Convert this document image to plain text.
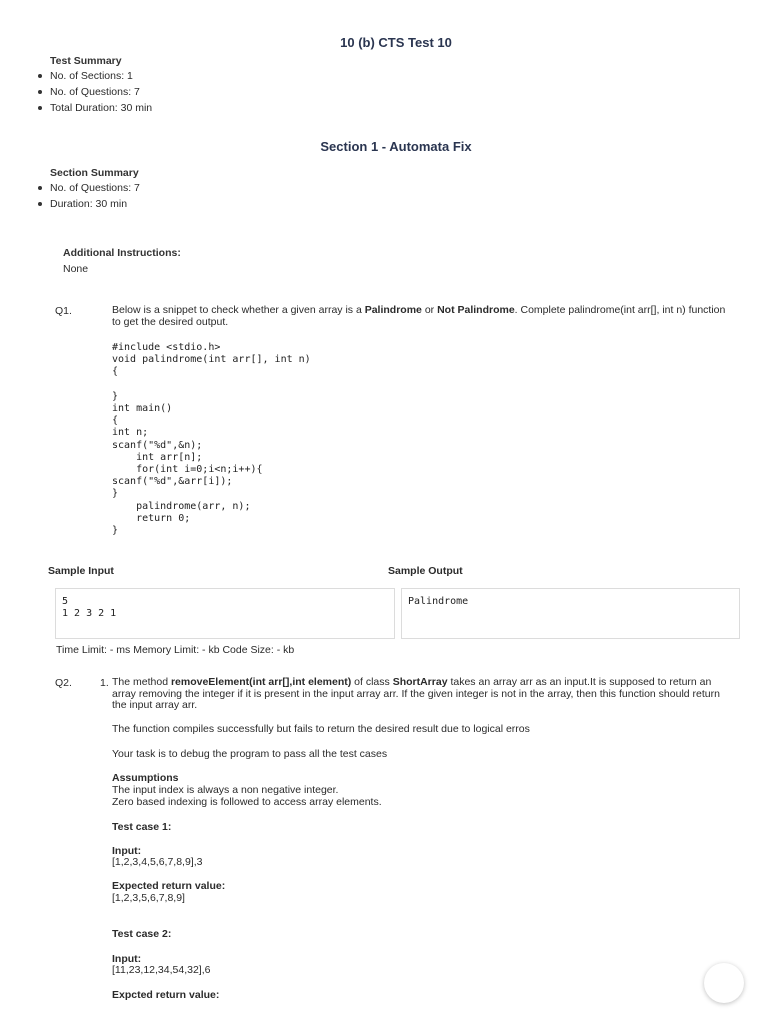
10 (b) CTS Test 10
Test Summary
No. of Sections: 1
No. of Questions: 7
Total Duration: 30 min
Section 1 - Automata Fix
Section Summary
No. of Questions: 7
Duration: 30 min
Additional Instructions:
None
Q1.	Below is a snippet to check whether a given array is a Palindrome or Not Palindrome. Complete palindrome(int arr[], int n) function to get the desired output.
#include <stdio.h>
void palindrome(int arr[], int n)
{

}
int main()
{
int n;
scanf("%d",&n);
int arr[n];
for(int i=0;i<n;i++){
scanf("%d",&arr[i]);
}
palindrome(arr, n);
return 0;
}
Sample Input	Sample Output
5
1 2 3 2 1
Palindrome
Time Limit: - ms Memory Limit: - kb Code Size: - kb
Q2.	1. The method removeElement(int arr[],int element) of class ShortArray takes an array arr as an input.It is supposed to return an array removing the integer if it is present in the input array arr. If the given integer is not in the array, then this function should return the input array arr.
The function compiles successfully but fails to return the desired result due to logical erros
Your task is to debug the program to pass all the test cases
Assumptions
The input index is always a non negative integer.
Zero based indexing is followed to access array elements.
Test case 1:
Input:
[1,2,3,4,5,6,7,8,9],3
Expected return value:
[1,2,3,5,6,7,8,9]
Test case 2:
Input:
[11,23,12,34,54,32],6
Expcted return value:
